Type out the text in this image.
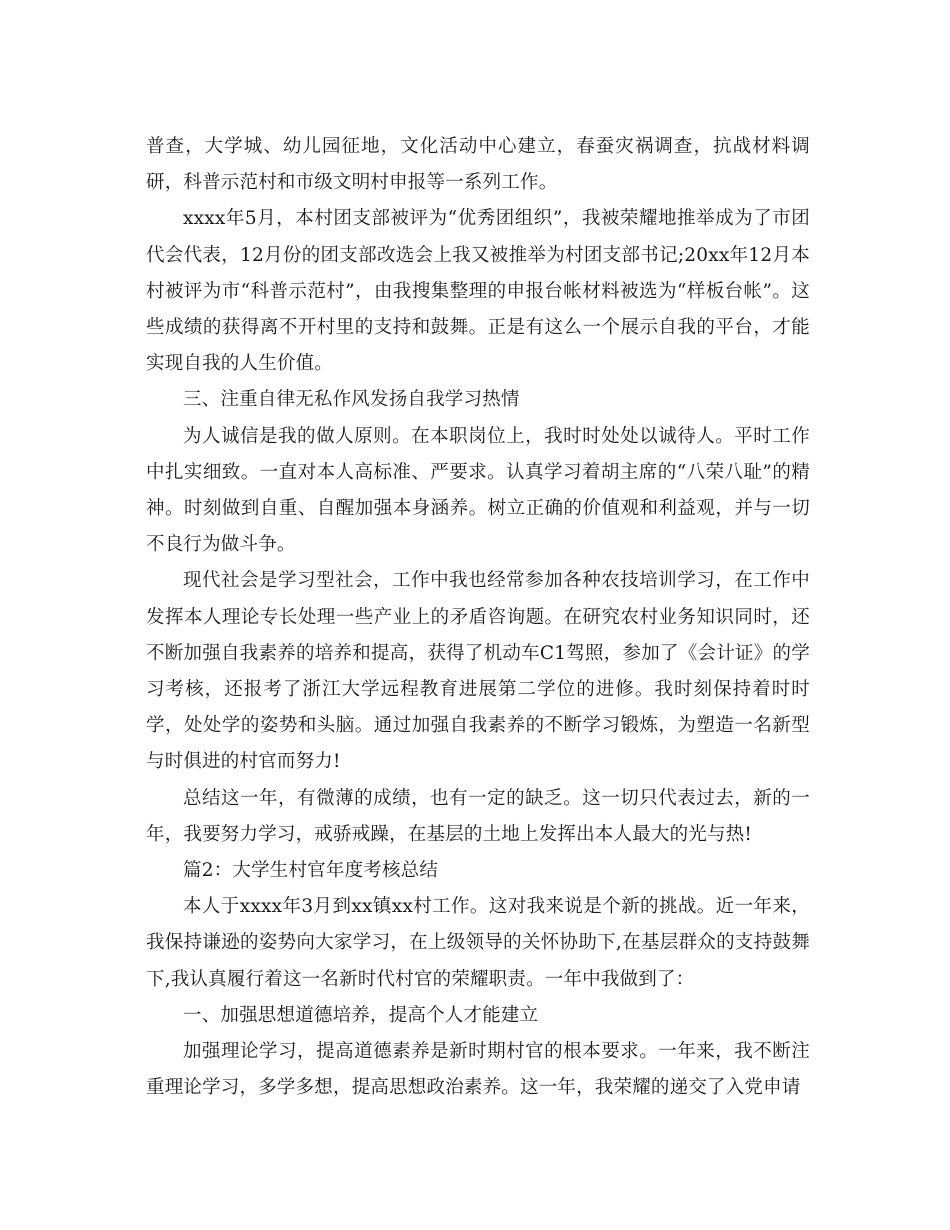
普查，大学城、幼儿园征地，文化活动中心建立，春蚕灾祸调查，抗战材料调研，科普示范村和市级文明村申报等一系列工作。

xxxx年5月，本村团支部被评为“优秀团组织”，我被荣耀地推举成为了市团代会代表，12月份的团支部改选会上我又被推举为村团支部书记;20xx年12月本村被评为市“科普示范村”，由我搜集整理的申报台帐材料被选为“样板台帐”。这些成绩的获得离不开村里的支持和鼓舞。正是有这么一个展示自我的平台，才能实现自我的人生价值。

三、注重自律无私作风发扬自我学习热情

为人诚信是我的做人原则。在本职岗位上，我时时处处以诚待人。平时工作中扎实细致。一直对本人高标准、严要求。认真学习着胡主席的“八荣八耻”的精神。时刻做到自重、自醒加强本身涵养。树立正确的价值观和利益观，并与一切不良行为做斗争。

现代社会是学习型社会，工作中我也经常参加各种农技培训学习，在工作中发挥本人理论专长处理一些产业上的矛盾咨询题。在研究农村业务知识同时，还不断加强自我素养的培养和提高，获得了机动车C1驾照，参加了《会计证》的学习考核，还报考了浙江大学远程教育进展第二学位的进修。我时刻保持着时时学，处处学的姿势和头脑。通过加强自我素养的不断学习锻炼，为塑造一名新型与时俱进的村官而努力!

总结这一年，有微薄的成绩，也有一定的缺乏。这一切只代表过去，新的一年，我要努力学习，戒骄戒躁，在基层的土地上发挥出本人最大的光与热!

篇2：大学生村官年度考核总结

本人于xxxx年3月到xx镇xx村工作。这对我来说是个新的挑战。近一年来，我保持谦逊的姿势向大家学习，在上级领导的关怀协助下,在基层群众的支持鼓舞下,我认真履行着这一名新时代村官的荣耀职责。一年中我做到了：

一、加强思想道德培养，提高个人才能建立

加强理论学习，提高道德素养是新时期村官的根本要求。一年来，我不断注重理论学习，多学多想，提高思想政治素养。这一年，我荣耀的递交了入党申请
